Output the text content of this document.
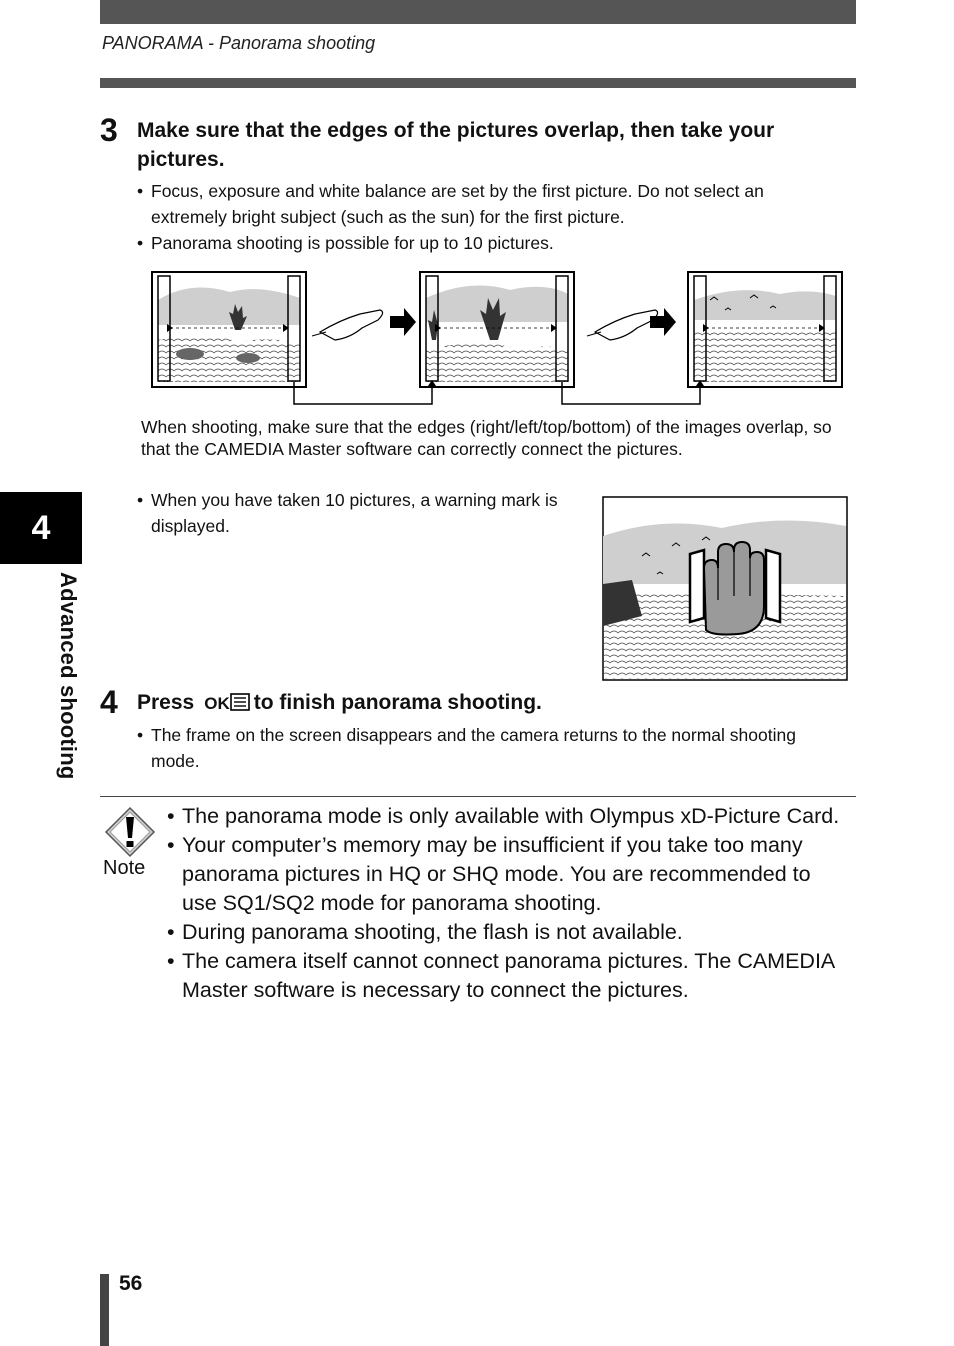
PANORAMA - Panorama shooting
4
Advanced shooting
3 Make sure that the edges of the pictures overlap, then take your pictures.
• Focus, exposure and white balance are set by the first picture. Do not select an extremely bright subject (such as the sun) for the first picture.
• Panorama shooting is possible for up to 10 pictures.
When shooting, make sure that the edges (right/left/top/bottom) of the images overlap, so that the CAMEDIA Master software can correctly connect the pictures.
• When you have taken 10 pictures, a warning mark is displayed.
4 Press OK to finish panorama shooting.
• The frame on the screen disappears and the camera returns to the normal shooting mode.
Note
• The panorama mode is only available with Olympus xD-Picture Card.
• Your computer’s memory may be insufficient if you take too many panorama pictures in HQ or SHQ mode. You are recommended to use SQ1/SQ2 mode for panorama shooting.
• During panorama shooting, the flash is not available.
• The camera itself cannot connect panorama pictures. The CAMEDIA Master software is necessary to connect the pictures.
56
